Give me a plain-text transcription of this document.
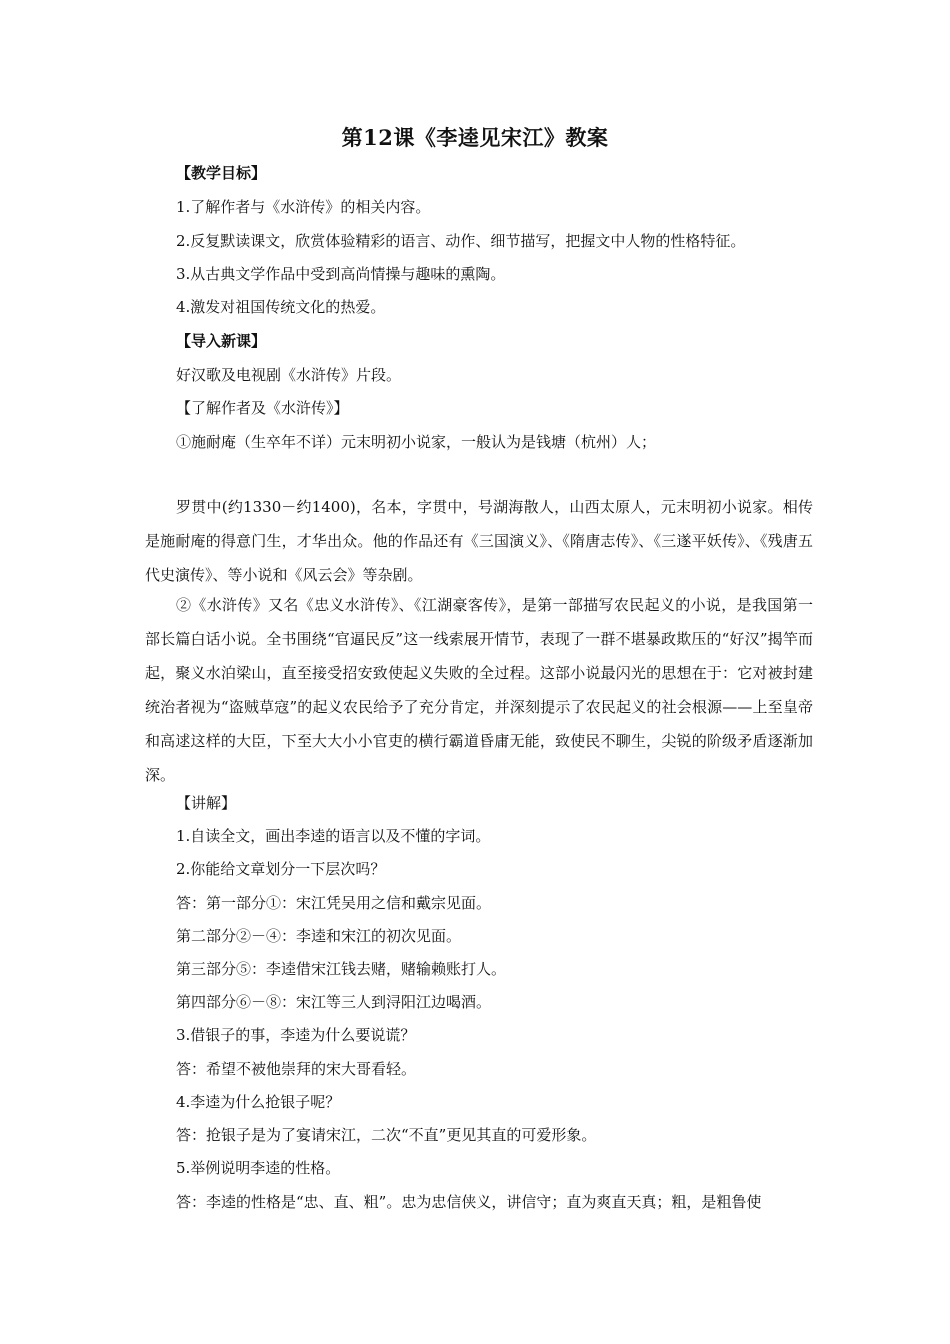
第12课《李逵见宋江》教案
【教学目标】
1.了解作者与《水浒传》的相关内容。
2.反复默读课文，欣赏体验精彩的语言、动作、细节描写，把握文中人物的性格特征。
3.从古典文学作品中受到高尚情操与趣味的熏陶。
4.激发对祖国传统文化的热爱。
【导入新课】
好汉歌及电视剧《水浒传》片段。
【了解作者及《水浒传》】
①施耐庵（生卒年不详）元末明初小说家，一般认为是钱塘（杭州）人；
罗贯中(约1330－约1400)，名本，字贯中，号湖海散人，山西太原人，元末明初小说家。相传是施耐庵的得意门生，才华出众。他的作品还有《三国演义》、《隋唐志传》、《三遂平妖传》、《残唐五代史演传》、等小说和《风云会》等杂剧。
②《水浒传》又名《忠义水浒传》、《江湖豪客传》，是第一部描写农民起义的小说，是我国第一部长篇白话小说。全书围绕“官逼民反”这一线索展开情节，表现了一群不堪暴政欺压的“好汉”揭竿而起，聚义水泊梁山，直至接受招安致使起义失败的全过程。这部小说最闪光的思想在于：它对被封建统治者视为“盗贼草寇”的起义农民给予了充分肯定，并深刻提示了农民起义的社会根源——上至皇帝和高逑这样的大臣，下至大大小小官吏的横行霸道昏庸无能，致使民不聊生，尖锐的阶级矛盾逐渐加深。
【讲解】
1.自读全文，画出李逵的语言以及不懂的字词。
2.你能给文章划分一下层次吗？
答：第一部分①：宋江凭吴用之信和戴宗见面。
第二部分②－④：李逵和宋江的初次见面。
第三部分⑤：李逵借宋江钱去赌，赌输赖账打人。
第四部分⑥－⑧：宋江等三人到浔阳江边喝酒。
3.借银子的事，李逵为什么要说谎？
答：希望不被他崇拜的宋大哥看轻。
4.李逵为什么抢银子呢？
答：抢银子是为了宴请宋江，二次“不直”更见其直的可爱形象。
5.举例说明李逵的性格。
答：李逵的性格是“忠、直、粗”。忠为忠信侠义，讲信守；直为爽直天真；粗，是粗鲁使
